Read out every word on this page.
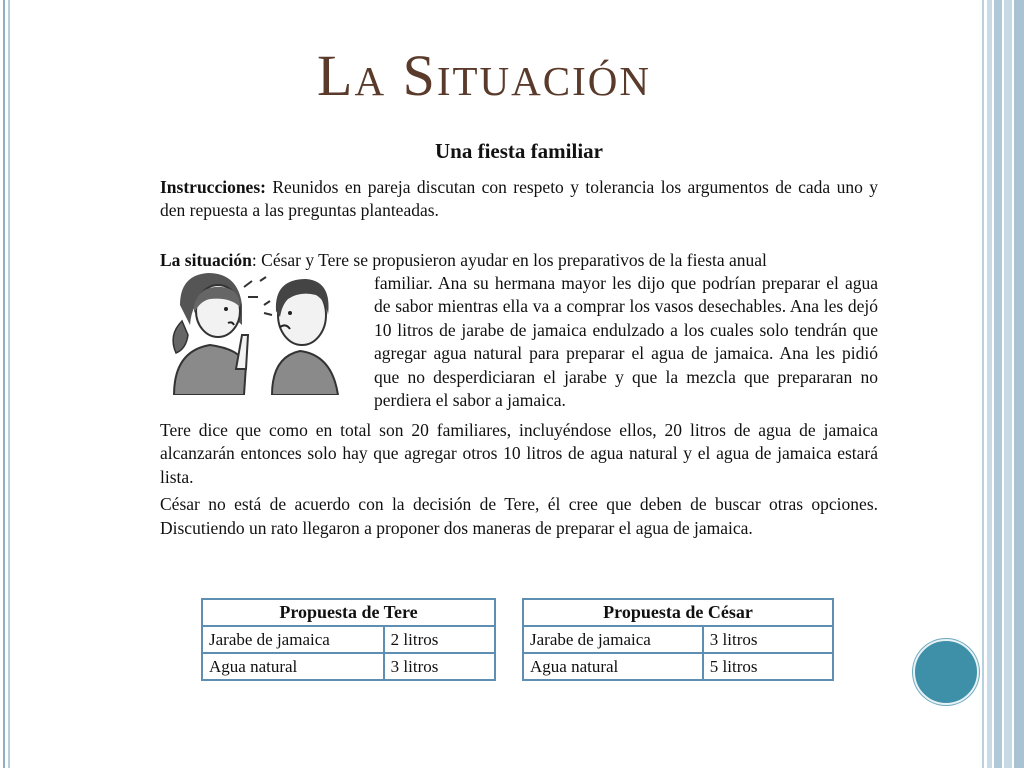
La Situación
Una fiesta familiar

Instrucciones: Reunidos en pareja discutan con respeto y tolerancia los argumentos de cada uno y den repuesta a las preguntas planteadas.

La situación: César y Tere se propusieron ayudar en los preparativos de la fiesta anual
familiar. Ana su hermana mayor les dijo que podrían preparar el agua de sabor mientras ella va a comprar los vasos desechables. Ana les dejó 10 litros de jarabe de jamaica endulzado a los cuales solo tendrán que agregar agua natural para preparar el agua de jamaica. Ana les pidió que no desperdiciaran el jarabe y que la mezcla que prepararan no perdiera el sabor a jamaica.

Tere dice que como en total son 20 familiares, incluyéndose ellos, 20 litros de agua de jamaica alcanzarán entonces solo hay que agregar otros 10 litros de agua natural y el agua de jamaica estará lista.

César no está de acuerdo con la decisión de Tere, él cree que deben de buscar otras opciones. Discutiendo un rato llegaron a proponer dos maneras de preparar el agua de jamaica.

Propuesta de Tere	
Jarabe de jamaica	2 litros
Agua natural	3 litros
Propuesta de César	
Jarabe de jamaica	3 litros
Agua natural	5 litros
